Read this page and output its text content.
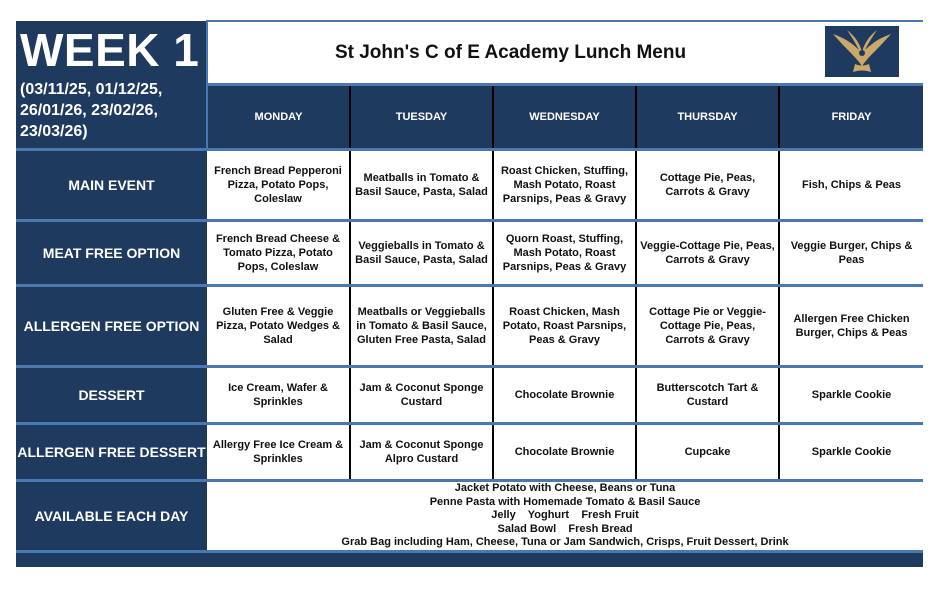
WEEK 1
(03/11/25, 01/12/25, 26/01/26, 23/02/26, 23/03/26)	St John's C of E Academy Lunch Menu				

	MONDAY	TUESDAY	WEDNESDAY	THURSDAY	FRIDAY
MAIN EVENT	French Bread Pepperoni Pizza, Potato Pops, Coleslaw	Meatballs in Tomato & Basil Sauce, Pasta, Salad	Roast Chicken, Stuffing, Mash Potato, Roast Parsnips, Peas & Gravy	Cottage Pie, Peas, Carrots & Gravy	Fish, Chips & Peas

MEAT FREE OPTION	French Bread Cheese & Tomato Pizza, Potato Pops, Coleslaw	Veggieballs in Tomato & Basil Sauce, Pasta, Salad	Quorn Roast, Stuffing, Mash Potato, Roast Parsnips, Peas & Gravy	Veggie-Cottage Pie, Peas, Carrots & Gravy	Veggie Burger, Chips & Peas

ALLERGEN FREE OPTION	Gluten Free & Veggie Pizza, Potato Wedges & Salad	Meatballs or Veggieballs in Tomato & Basil Sauce, Gluten Free Pasta, Salad	Roast Chicken, Mash Potato, Roast Parsnips, Peas & Gravy	Cottage Pie or Veggie-Cottage Pie, Peas, Carrots & Gravy	Allergen Free Chicken Burger, Chips & Peas

DESSERT	Ice Cream, Wafer & Sprinkles	Jam & Coconut Sponge Custard	Chocolate Brownie	Butterscotch Tart & Custard	Sparkle Cookie

ALLERGEN FREE DESSERT	Allergy Free Ice Cream & Sprinkles	Jam & Coconut Sponge Alpro Custard	Chocolate Brownie	Cupcake	Sparkle Cookie

AVAILABLE EACH DAY	Jacket Potato with Cheese, Beans or Tuna
Penne Pasta with Homemade Tomato & Basil Sauce
Jelly    Yoghurt    Fresh Fruit
Salad Bowl    Fresh Bread
Grab Bag including Ham, Cheese, Tuna or Jam Sandwich, Crisps, Fruit Dessert, Drink				
